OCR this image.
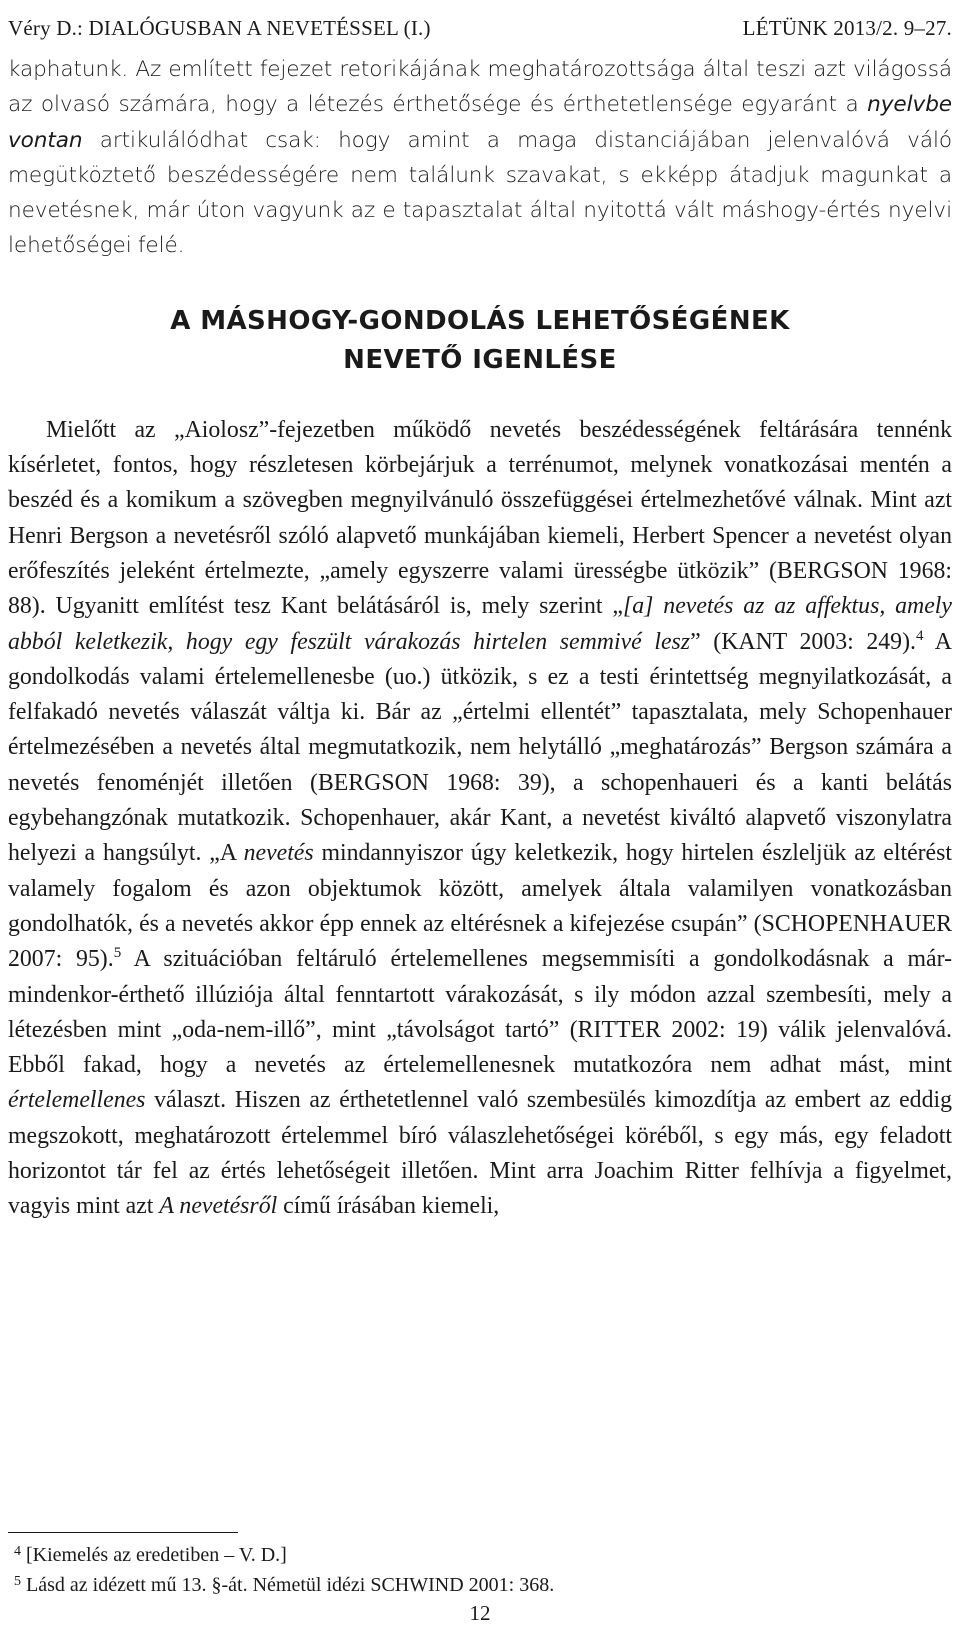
Véry D.: DIALÓGUSBAN A NEVETÉSSEL (I.)	LÉTÜNK 2013/2. 9–27.

kaphatunk. Az említett fejezet retorikájának meghatározottsága által teszi azt világossá az olvasó számára, hogy a létezés érthetősége és érthetetlensége egyaránt a nyelvbe vontan artikulálódhat csak: hogy amint a maga distanciájában jelenvalóvá váló megütköztető beszédességére nem találunk szavakat, s ekképp átadjuk magunkat a nevetésnek, már úton vagyunk az e tapasztalat által nyitottá vált máshogy-értés nyelvi lehetőségei felé.

A MÁSHOGY-GONDOLÁS LEHETŐSÉGÉNEK
NEVETŐ IGENLÉSE

Mielőtt az „Aiolosz”-fejezetben működő nevetés beszédességének feltárására tennénk kísérletet, fontos, hogy részletesen körbejárjuk a terrénumot, melynek vonatkozásai mentén a beszéd és a komikum a szövegben megnyilvánuló összefüggései értelmezhetővé válnak. Mint azt Henri Bergson a nevetésről szóló alapvető munkájában kiemeli, Herbert Spencer a nevetést olyan erőfeszítés jeleként értelmezte, „amely egyszerre valami ürességbe ütközik” (BERGSON 1968: 88). Ugyanitt említést tesz Kant belátásáról is, mely szerint „[a] nevetés az az affektus, amely abból keletkezik, hogy egy feszült várakozás hirtelen semmivé lesz” (KANT 2003: 249).$^4$ A gondolkodás valami értelemellenesbe (uo.) ütközik, s ez a testi érintettség megnyilatkozását, a felfakadó nevetés válaszát váltja ki. Bár az „értelmi ellentét” tapasztalata, mely Schopenhauer értelmezésében a nevetés által megmutatkozik, nem helytálló „meghatározás” Bergson számára a nevetés fenoménjét illetően (BERGSON 1968: 39), a schopenhaueri és a kanti belátás egybehangzónak mutatkozik. Schopenhauer, akár Kant, a nevetést kiváltó alapvető viszonylatra helyezi a hangsúlyt. „A nevetés mindannyiszor úgy keletkezik, hogy hirtelen észleljük az eltérést valamely fogalom és azon objektumok között, amelyek általa valamilyen vonatkozásban gondolhatók, és a nevetés akkor épp ennek az eltérésnek a kifejezése csupán” (SCHOPENHAUER 2007: 95).$^5$ A szituációban feltáruló értelemellenes megsemmisíti a gondolkodásnak a már-mindenkor-érthető illúziója által fenntartott várakozását, s ily módon azzal szembesíti, mely a létezésben mint „oda-nem-illő”, mint „távolságot tartó” (RITTER 2002: 19) válik jelenvalóvá. Ebből fakad, hogy a nevetés az értelemellenesnek mutatkozóra nem adhat mást, mint értelemellenes választ. Hiszen az érthetetlennel való szembesülés kimozdítja az embert az eddig megszokott, meghatározott értelemmel bíró válaszlehetőségei köréből, s egy más, egy feladott horizontot tár fel az értés lehetőségeit illetően. Mint arra Joachim Ritter felhívja a figyelmet, vagyis mint azt A nevetésről című írásában kiemeli,

$^4$ [Kiemelés az eredetiben – V. D.]

$^5$ Lásd az idézett mű 13. §-át. Németül idézi SCHWIND 2001: 368.

12
